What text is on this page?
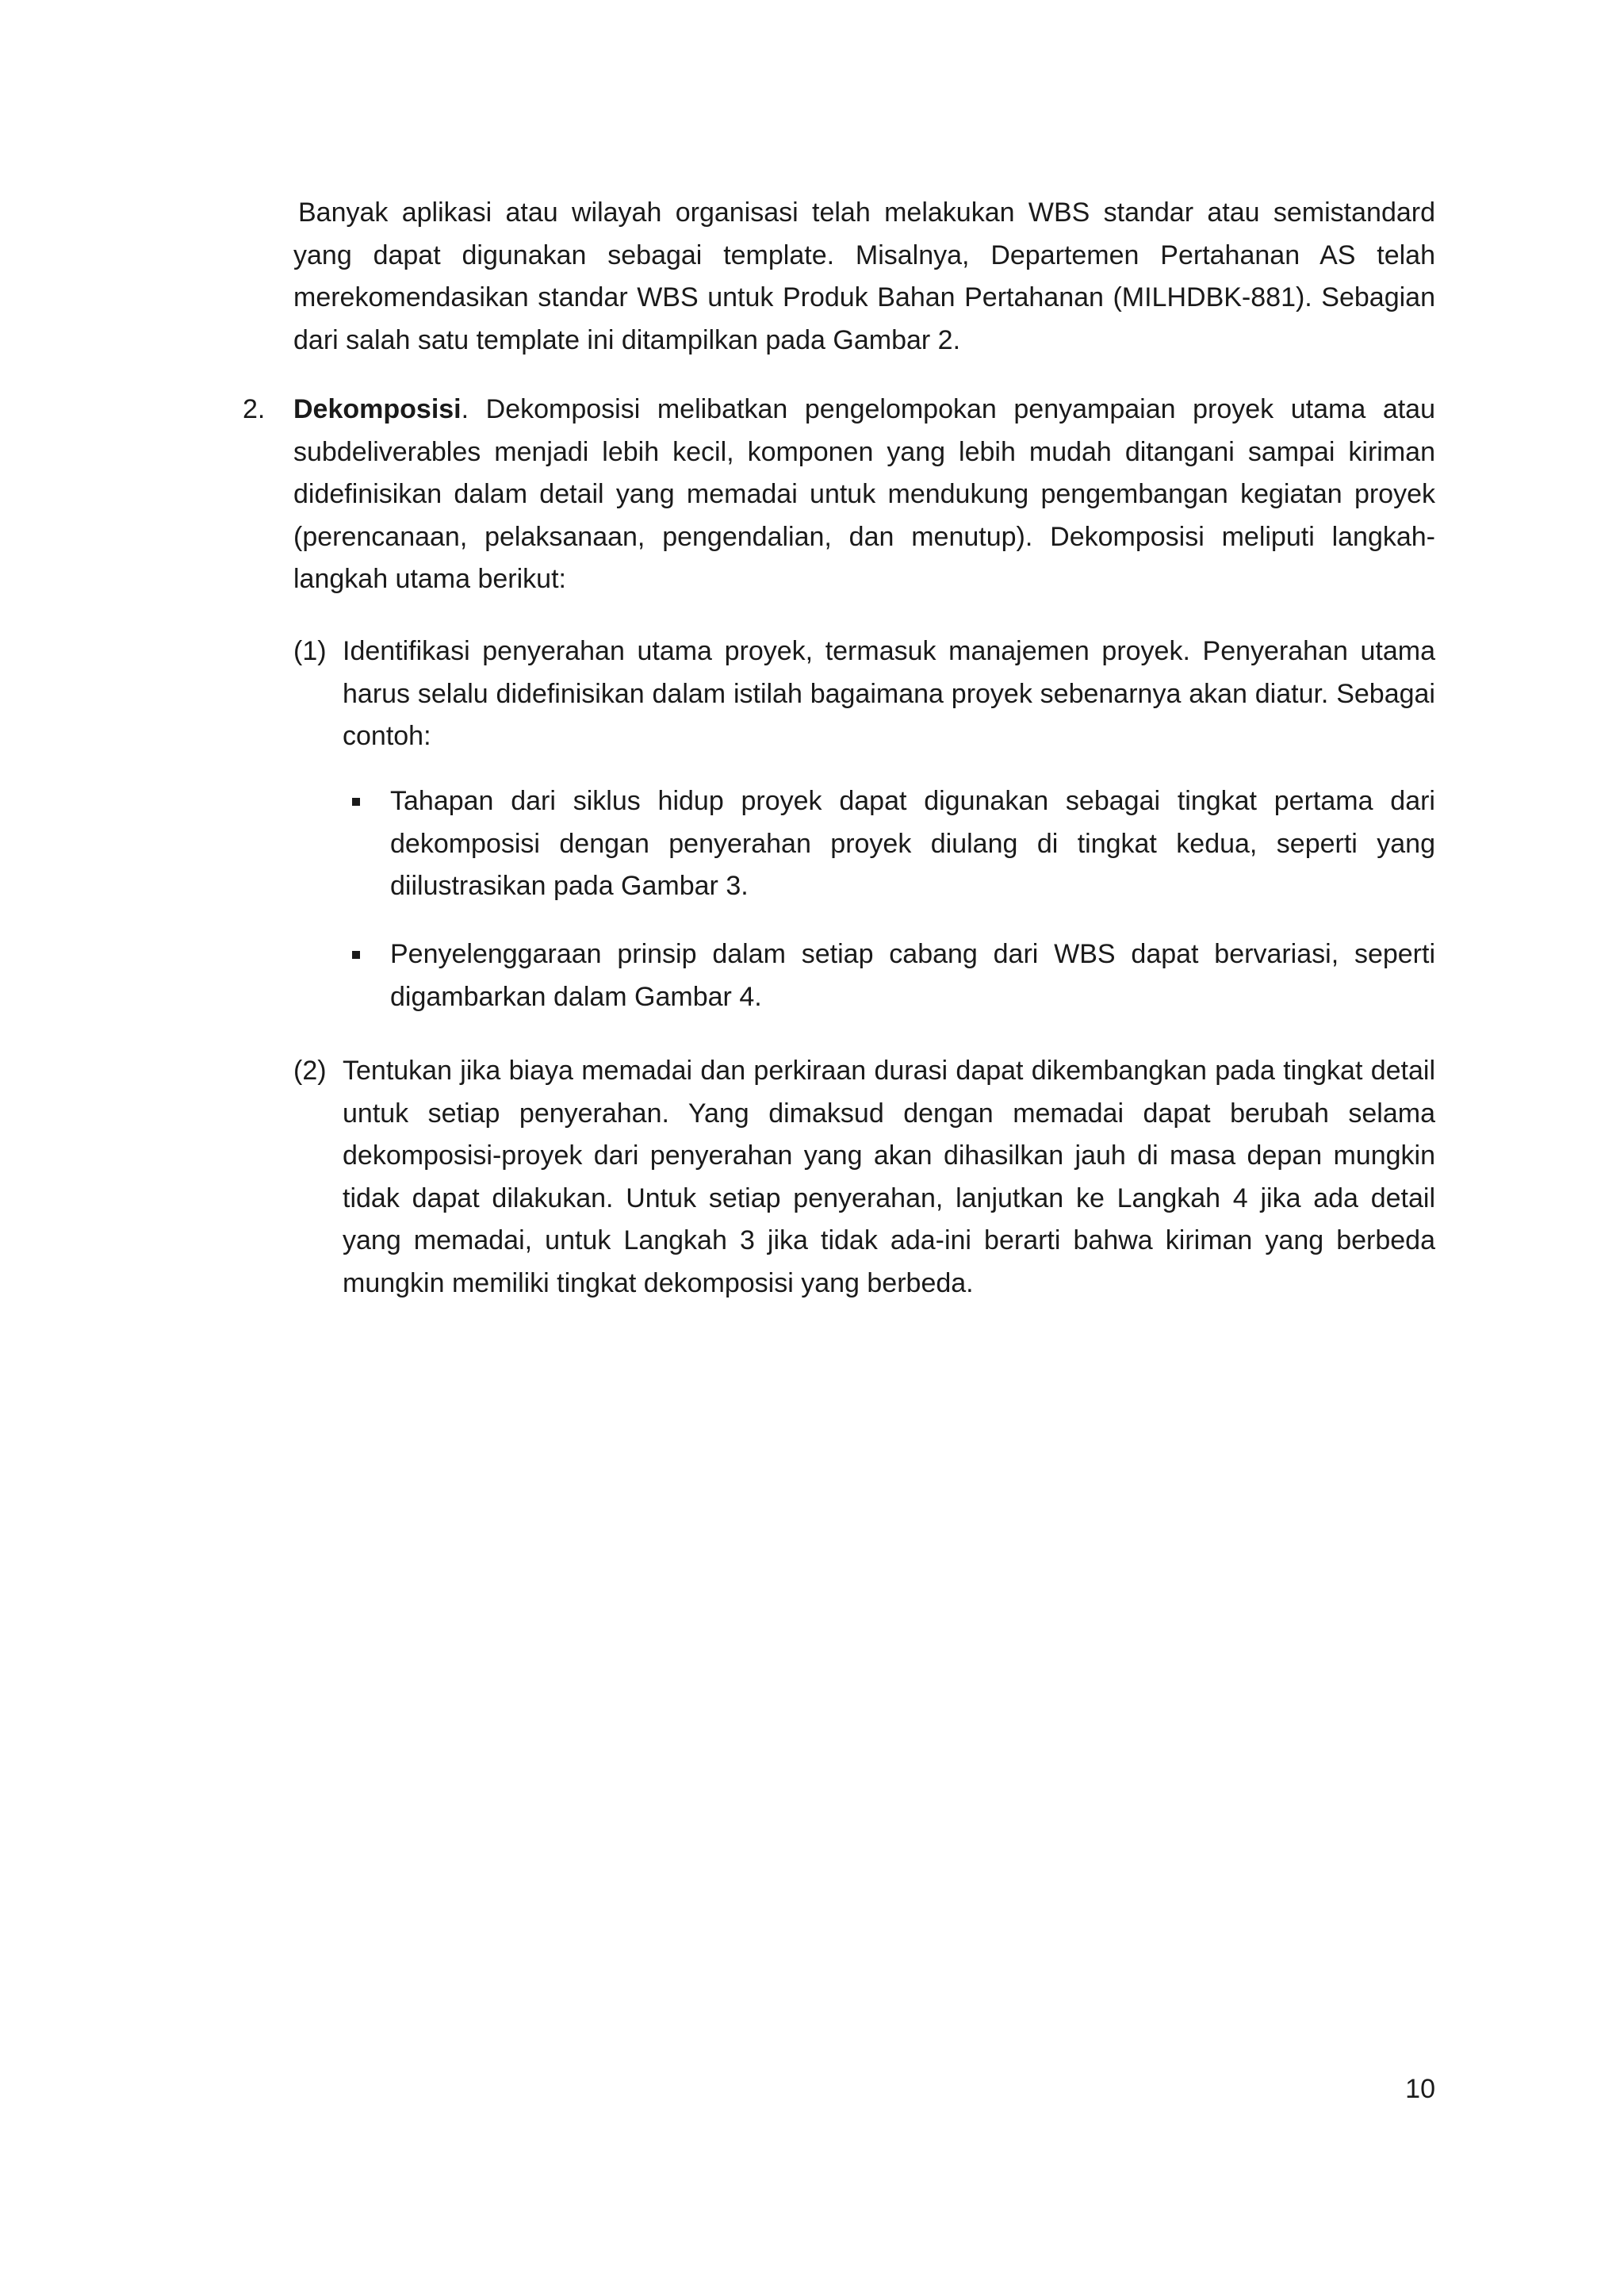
Banyak aplikasi atau wilayah organisasi telah melakukan WBS standar atau semistandard yang dapat digunakan sebagai template. Misalnya, Departemen Pertahanan AS telah merekomendasikan standar WBS untuk Produk Bahan Pertahanan (MILHDBK-881). Sebagian dari salah satu template ini ditampilkan pada Gambar 2.

2. Dekomposisi. Dekomposisi melibatkan pengelompokan penyampaian proyek utama atau subdeliverables menjadi lebih kecil, komponen yang lebih mudah ditangani sampai kiriman didefinisikan dalam detail yang memadai untuk mendukung pengembangan kegiatan proyek (perencanaan, pelaksanaan, pengendalian, dan menutup). Dekomposisi meliputi langkah-langkah utama berikut:

(1) Identifikasi penyerahan utama proyek, termasuk manajemen proyek. Penyerahan utama harus selalu didefinisikan dalam istilah bagaimana proyek sebenarnya akan diatur. Sebagai contoh:

Tahapan dari siklus hidup proyek dapat digunakan sebagai tingkat pertama dari dekomposisi dengan penyerahan proyek diulang di tingkat kedua, seperti yang diilustrasikan pada Gambar 3.

Penyelenggaraan prinsip dalam setiap cabang dari WBS dapat bervariasi, seperti digambarkan dalam Gambar 4.

(2) Tentukan jika biaya memadai dan perkiraan durasi dapat dikembangkan pada tingkat detail untuk setiap penyerahan. Yang dimaksud dengan memadai dapat berubah selama dekomposisi-proyek dari penyerahan yang akan dihasilkan jauh di masa depan mungkin tidak dapat dilakukan. Untuk setiap penyerahan, lanjutkan ke Langkah 4 jika ada detail yang memadai, untuk Langkah 3 jika tidak ada-ini berarti bahwa kiriman yang berbeda mungkin memiliki tingkat dekomposisi yang berbeda.

10
